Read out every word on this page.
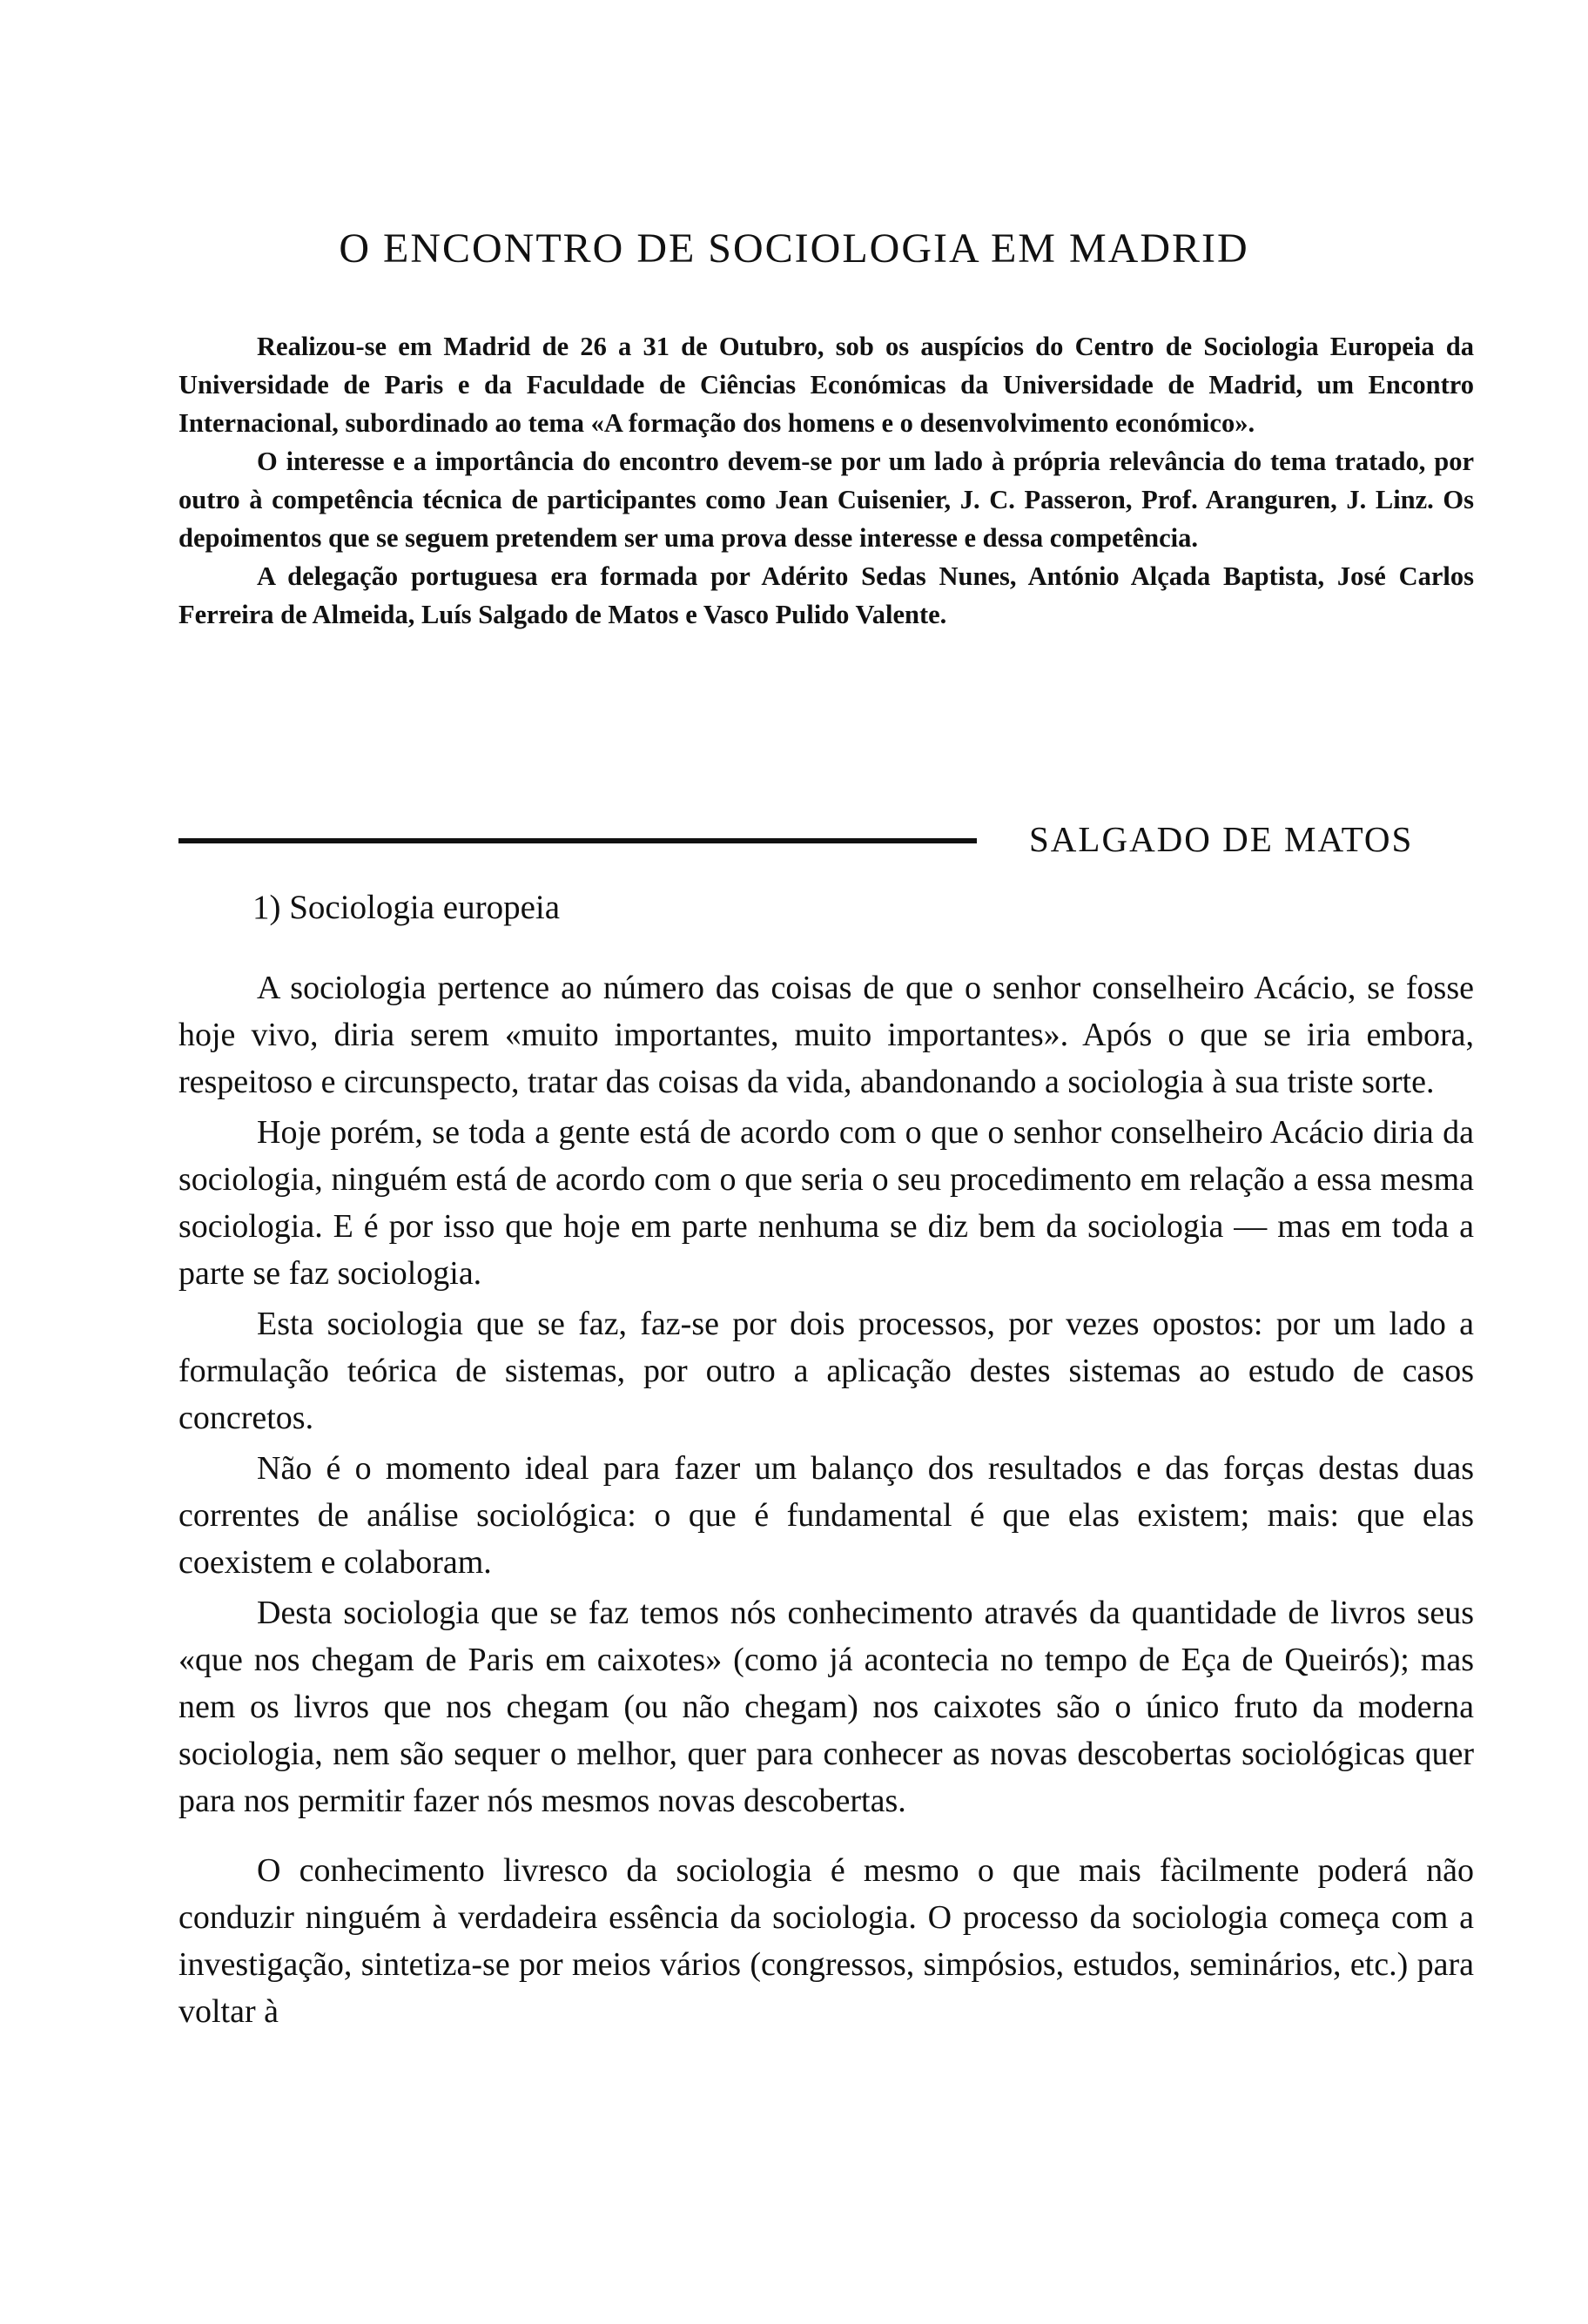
O ENCONTRO DE SOCIOLOGIA EM MADRID

Realizou-se em Madrid de 26 a 31 de Outubro, sob os auspícios do Centro de Sociologia Europeia da Universidade de Paris e da Faculdade de Ciências Económicas da Universidade de Madrid, um Encontro Internacional, subordinado ao tema «A formação dos homens e o desenvolvimento económico».

O interesse e a importância do encontro devem-se por um lado à própria relevância do tema tratado, por outro à competência técnica de participantes como Jean Cuisenier, J. C. Passeron, Prof. Aranguren, J. Linz. Os depoimentos que se seguem pretendem ser uma prova desse interesse e dessa competência.

A delegação portuguesa era formada por Adérito Sedas Nunes, António Alçada Baptista, José Carlos Ferreira de Almeida, Luís Salgado de Matos e Vasco Pulido Valente.

SALGADO DE MATOS
1) Sociologia europeia

A sociologia pertence ao número das coisas de que o senhor conselheiro Acácio, se fosse hoje vivo, diria serem «muito importantes, muito importantes». Após o que se iria embora, respeitoso e circunspecto, tratar das coisas da vida, abandonando a sociologia à sua triste sorte.

Hoje porém, se toda a gente está de acordo com o que o senhor conselheiro Acácio diria da sociologia, ninguém está de acordo com o que seria o seu procedimento em relação a essa mesma sociologia. E é por isso que hoje em parte nenhuma se diz bem da sociologia — mas em toda a parte se faz sociologia.

Esta sociologia que se faz, faz-se por dois processos, por vezes opostos: por um lado a formulação teórica de sistemas, por outro a aplicação destes sistemas ao estudo de casos concretos.

Não é o momento ideal para fazer um balanço dos resultados e das forças destas duas correntes de análise sociológica: o que é fundamental é que elas existem; mais: que elas coexistem e colaboram.

Desta sociologia que se faz temos nós conhecimento através da quantidade de livros seus «que nos chegam de Paris em caixotes» (como já acontecia no tempo de Eça de Queirós); mas nem os livros que nos chegam (ou não chegam) nos caixotes são o único fruto da moderna sociologia, nem são sequer o melhor, quer para conhecer as novas descobertas sociológicas quer para nos permitir fazer nós mesmos novas descobertas.

O conhecimento livresco da sociologia é mesmo o que mais fàcilmente poderá não conduzir ninguém à verdadeira essência da sociologia. O processo da sociologia começa com a investigação, sintetiza-se por meios vários (congressos, simpósios, estudos, seminários, etc.) para voltar à
